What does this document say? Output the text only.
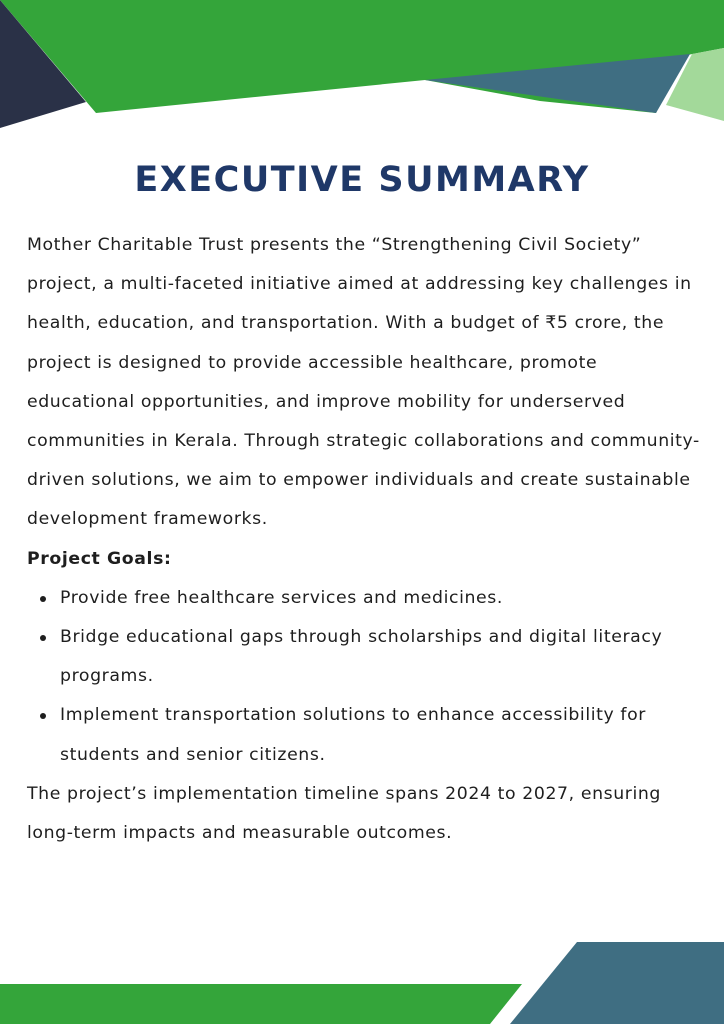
EXECUTIVE SUMMARY

Mother Charitable Trust presents the “Strengthening Civil Society” project, a multi-faceted initiative aimed at addressing key challenges in health, education, and transportation. With a budget of ₹5 crore, the project is designed to provide accessible healthcare, promote educational opportunities, and improve mobility for underserved communities in Kerala. Through strategic collaborations and community-driven solutions, we aim to empower individuals and create sustainable development frameworks.

Project Goals:

Provide free healthcare services and medicines.
Bridge educational gaps through scholarships and digital literacy programs.
Implement transportation solutions to enhance accessibility for students and senior citizens.

The project’s implementation timeline spans 2024 to 2027, ensuring long-term impacts and measurable outcomes.
